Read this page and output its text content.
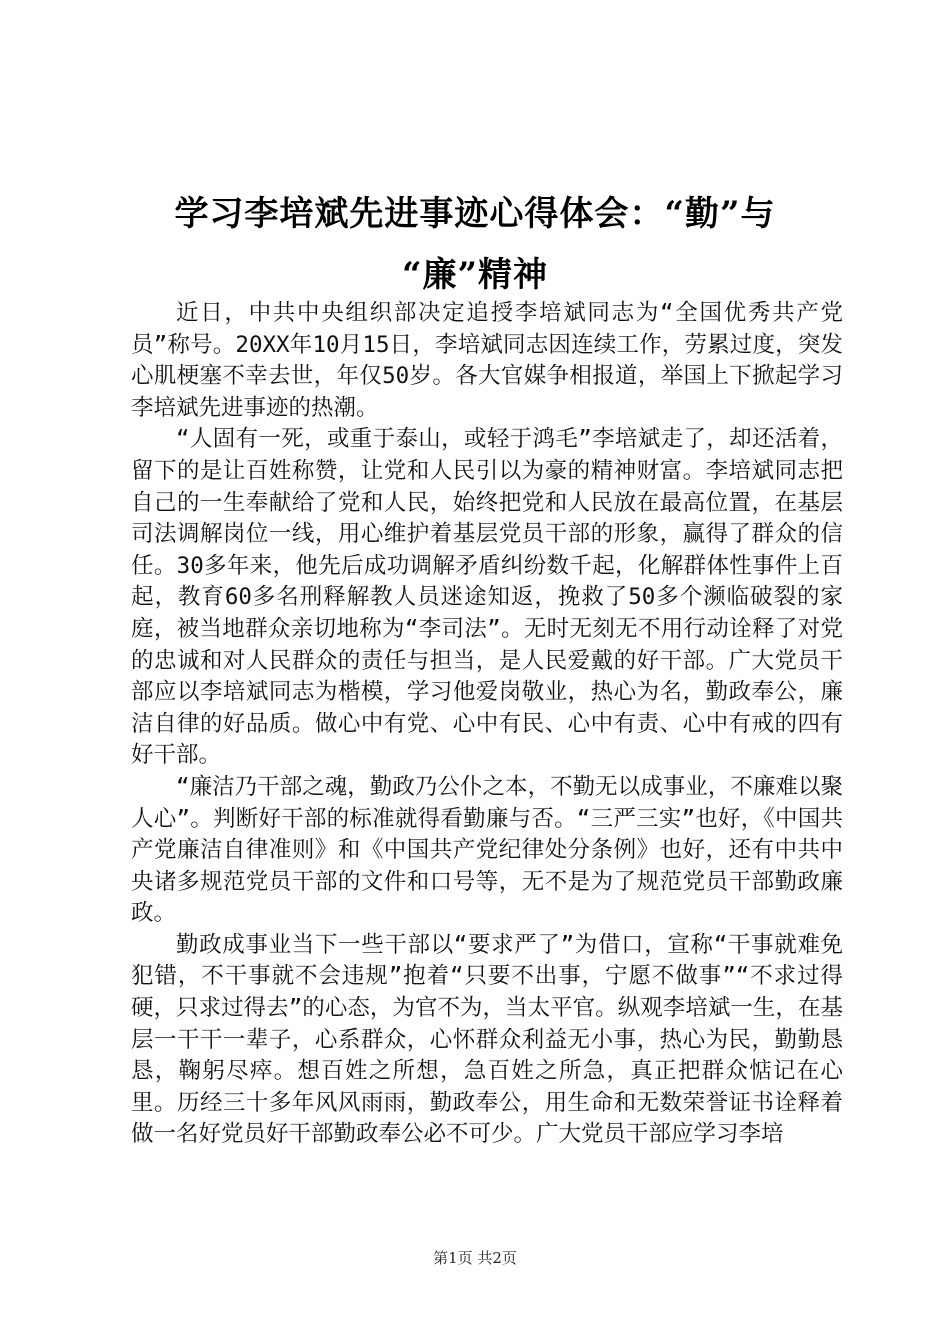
学习李培斌先进事迹心得体会：“勤”与
“廉”精神

近日，中共中央组织部决定追授李培斌同志为“全国优秀共产党员”称号。20XX年10月15日，李培斌同志因连续工作，劳累过度，突发心肌梗塞不幸去世，年仅50岁。各大官媒争相报道，举国上下掀起学习李培斌先进事迹的热潮。

“人固有一死，或重于泰山，或轻于鸿毛”李培斌走了，却还活着，留下的是让百姓称赞，让党和人民引以为豪的精神财富。李培斌同志把自己的一生奉献给了党和人民，始终把党和人民放在最高位置，在基层司法调解岗位一线，用心维护着基层党员干部的形象，赢得了群众的信任。30多年来，他先后成功调解矛盾纠纷数千起，化解群体性事件上百起，教育60多名刑释解教人员迷途知返，挽救了50多个濒临破裂的家庭，被当地群众亲切地称为“李司法”。无时无刻无不用行动诠释了对党的忠诚和对人民群众的责任与担当，是人民爱戴的好干部。广大党员干部应以李培斌同志为楷模，学习他爱岗敬业，热心为名，勤政奉公，廉洁自律的好品质。做心中有党、心中有民、心中有责、心中有戒的四有好干部。

“廉洁乃干部之魂，勤政乃公仆之本，不勤无以成事业，不廉难以聚人心”。判断好干部的标准就得看勤廉与否。“三严三实”也好，《中国共产党廉洁自律准则》和《中国共产党纪律处分条例》也好，还有中共中央诸多规范党员干部的文件和口号等，无不是为了规范党员干部勤政廉政。

勤政成事业当下一些干部以“要求严了”为借口，宣称“干事就难免犯错，不干事就不会违规”抱着“只要不出事，宁愿不做事”“不求过得硬，只求过得去”的心态，为官不为，当太平官。纵观李培斌一生，在基层一干干一辈子，心系群众，心怀群众利益无小事，热心为民，勤勤恳恳，鞠躬尽瘁。想百姓之所想，急百姓之所急，真正把群众惦记在心里。历经三十多年风风雨雨，勤政奉公，用生命和无数荣誉证书诠释着做一名好党员好干部勤政奉公必不可少。广大党员干部应学习李培

第1页 共2页
